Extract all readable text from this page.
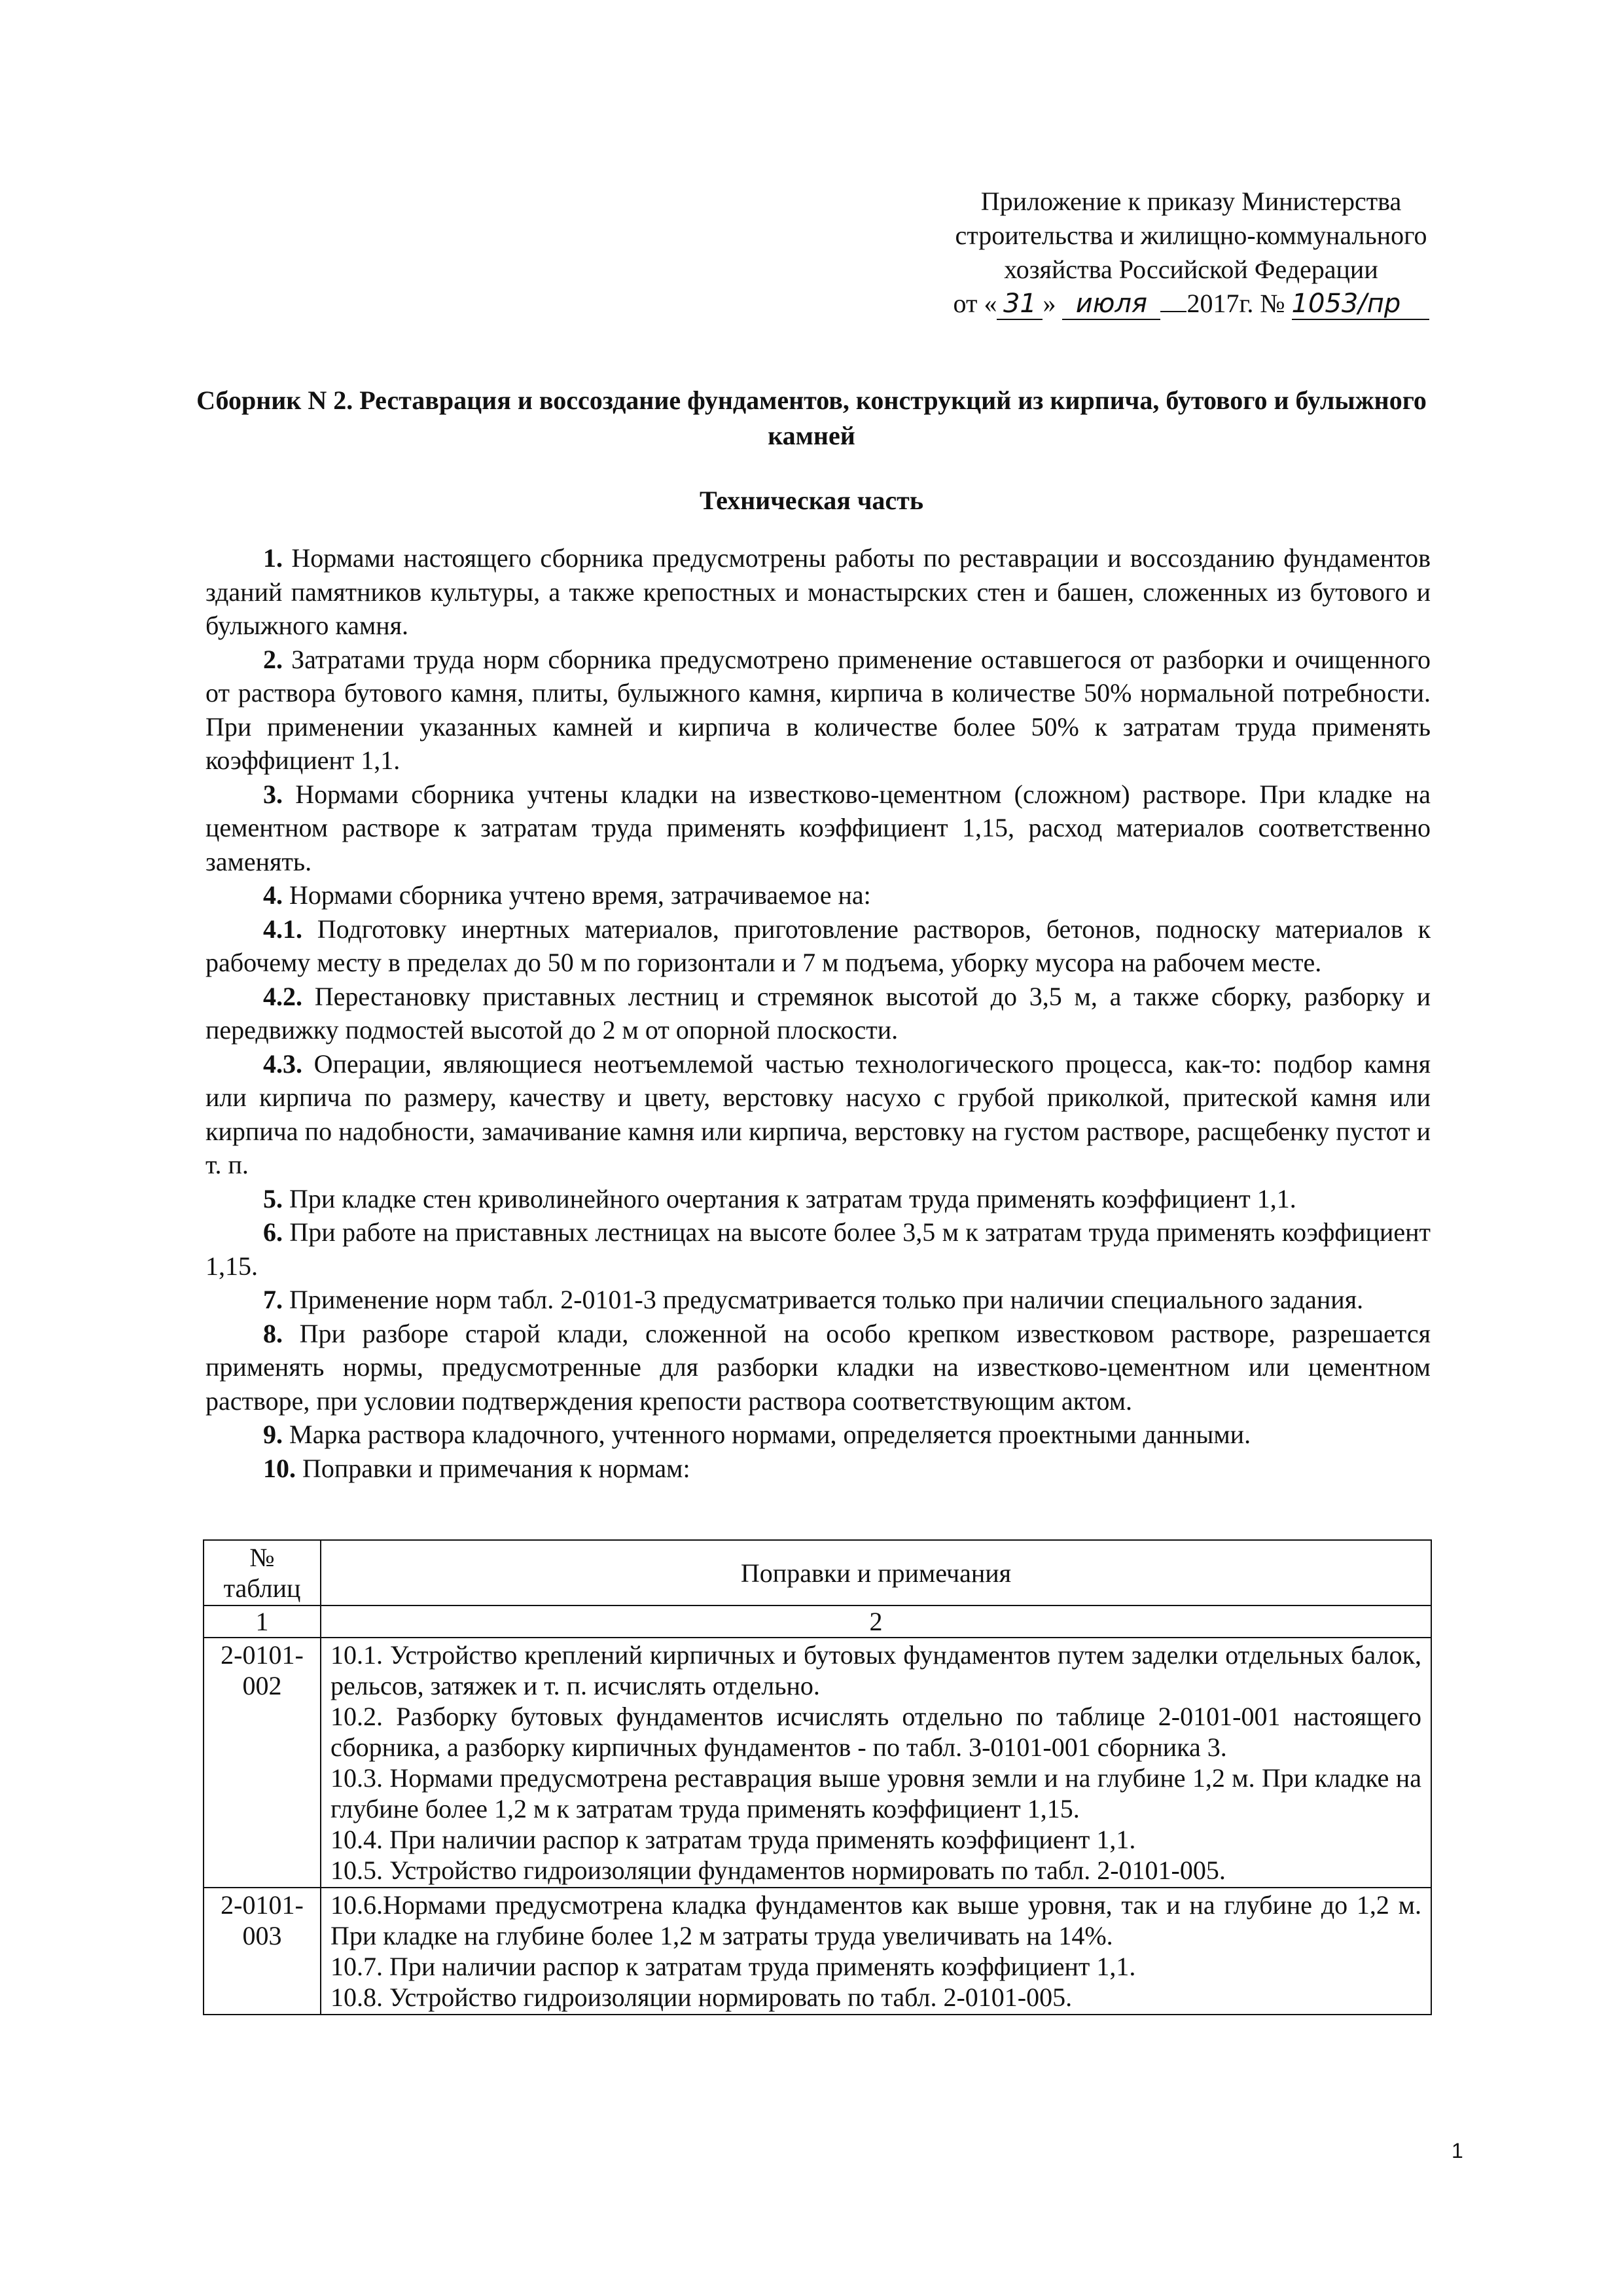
Приложение к приказу Министерства
строительства и жилищно-коммунального
хозяйства Российской Федерации
от « 31 » июля 2017г. № 1053/пр
Сборник N 2. Реставрация и воссоздание фундаментов, конструкций из кирпича, бутового и булыжного камней
Техническая часть

1. Нормами настоящего сборника предусмотрены работы по реставрации и воссозданию фундаментов зданий памятников культуры, а также крепостных и монастырских стен и башен, сложенных из бутового и булыжного камня.

2. Затратами труда норм сборника предусмотрено применение оставшегося от разборки и очищенного от раствора бутового камня, плиты, булыжного камня, кирпича в количестве 50% нормальной потребности. При применении указанных камней и кирпича в количестве более 50% к затратам труда применять коэффициент 1,1.

3. Нормами сборника учтены кладки на известково-цементном (сложном) растворе. При кладке на цементном растворе к затратам труда применять коэффициент 1,15, расход материалов соответственно заменять.

4. Нормами сборника учтено время, затрачиваемое на:

4.1. Подготовку инертных материалов, приготовление растворов, бетонов, подноску материалов к рабочему месту в пределах до 50 м по горизонтали и 7 м подъема, уборку мусора на рабочем месте.

4.2. Перестановку приставных лестниц и стремянок высотой до 3,5 м, а также сборку, разборку и передвижку подмостей высотой до 2 м от опорной плоскости.

4.3. Операции, являющиеся неотъемлемой частью технологического процесса, как-то: подбор камня или кирпича по размеру, качеству и цвету, верстовку насухо с грубой приколкой, притеской камня или кирпича по надобности, замачивание камня или кирпича, верстовку на густом растворе, расщебенку пустот и т. п.

5. При кладке стен криволинейного очертания к затратам труда применять коэффициент 1,1.

6. При работе на приставных лестницах на высоте более 3,5 м к затратам труда применять коэффициент 1,15.

7. Применение норм табл. 2-0101-3 предусматривается только при наличии специального задания.

8. При разборе старой клади, сложенной на особо крепком известковом растворе, разрешается применять нормы, предусмотренные для разборки кладки на известково-цементном или цементном растворе, при условии подтверждения крепости раствора соответствующим актом.

9. Марка раствора кладочного, учтенного нормами, определяется проектными данными.

10. Поправки и примечания к нормам:

№ таблиц	Поправки и примечания
1	2
2-0101-002	10.1. Устройство креплений кирпичных и бутовых фундаментов путем заделки отдельных балок, рельсов, затяжек и т. п. исчислять отдельно.

10.2. Разборку бутовых фундаментов исчислять отдельно по таблице 2-0101-001 настоящего сборника, а разборку кирпичных фундаментов - по табл. 3-0101-001 сборника 3.

10.3. Нормами предусмотрена реставрация выше уровня земли и на глубине 1,2 м. При кладке на глубине более 1,2 м к затратам труда применять коэффициент 1,15.

10.4. При наличии распор к затратам труда применять коэффициент 1,1.

10.5. Устройство гидроизоляции фундаментов нормировать по табл. 2-0101-005.

2-0101-003	10.6.Нормами предусмотрена кладка фундаментов как выше уровня, так и на глубине до 1,2 м. При кладке на глубине более 1,2 м затраты труда увеличивать на 14%.

10.7. При наличии распор к затратам труда применять коэффициент 1,1.

10.8. Устройство гидроизоляции нормировать по табл. 2-0101-005.

1
